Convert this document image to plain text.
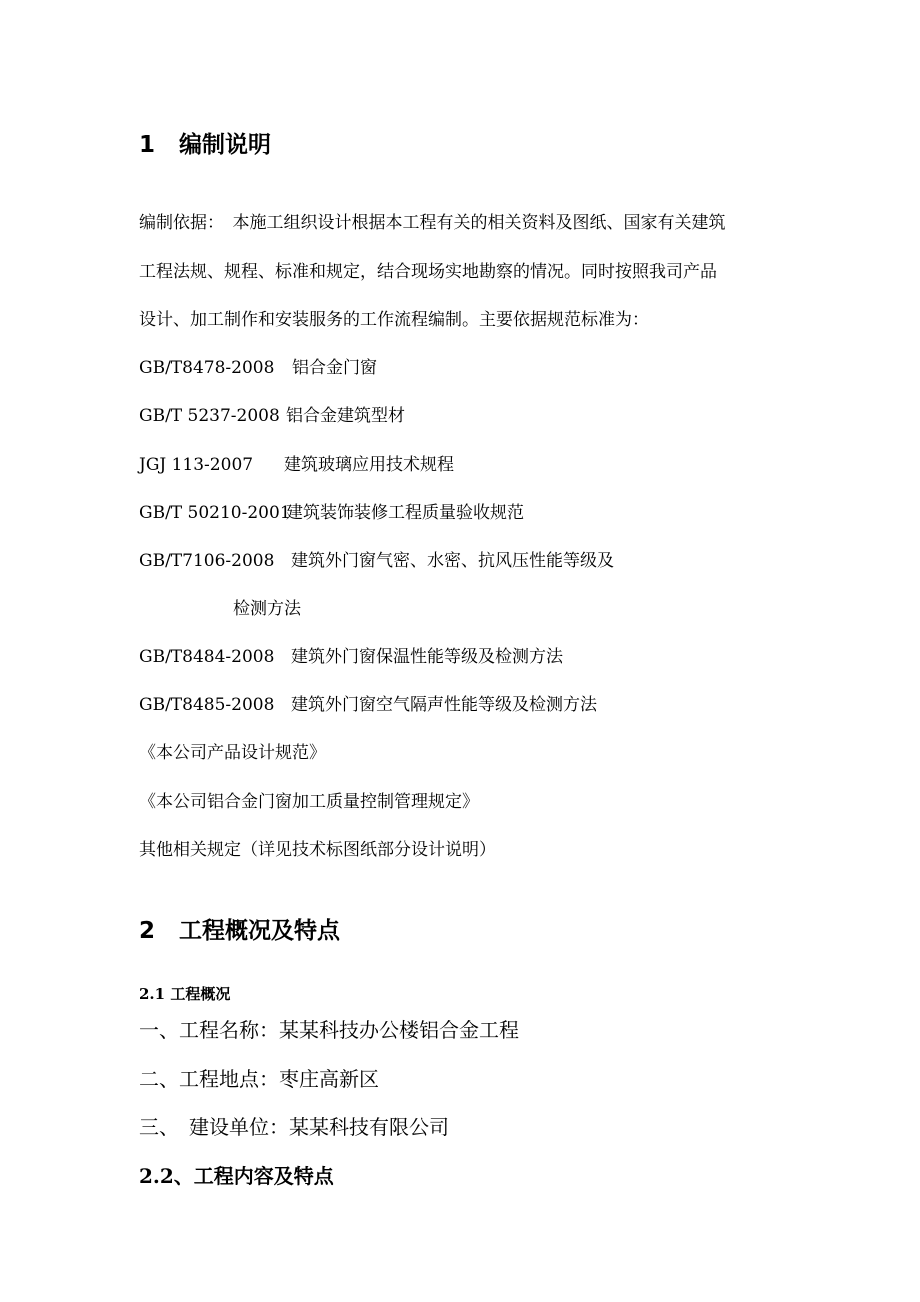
1 编制说明
编制依据：　本施工组织设计根据本工程有关的相关资料及图纸、国家有关建筑
工程法规、规程、标准和规定，结合现场实地勘察的情况。同时按照我司产品
设计、加工制作和安装服务的工作流程编制。主要依据规范标准为：
GB/T8478-2008 铝合金门窗
GB/T 5237-2008 铝合金建筑型材
JGJ 113-2007 建筑玻璃应用技术规程
GB/T 50210-2001建筑装饰装修工程质量验收规范
GB/T7106-2008 建筑外门窗气密、水密、抗风压性能等级及
检测方法
GB/T8484-2008 建筑外门窗保温性能等级及检测方法
GB/T8485-2008 建筑外门窗空气隔声性能等级及检测方法
《本公司产品设计规范》
《本公司铝合金门窗加工质量控制管理规定》
其他相关规定（详见技术标图纸部分设计说明）
2 工程概况及特点
2.1 工程概况
一、工程名称：某某科技办公楼铝合金工程
二、工程地点：枣庄高新区
三、　建设单位：某某科技有限公司
2.2、工程内容及特点
